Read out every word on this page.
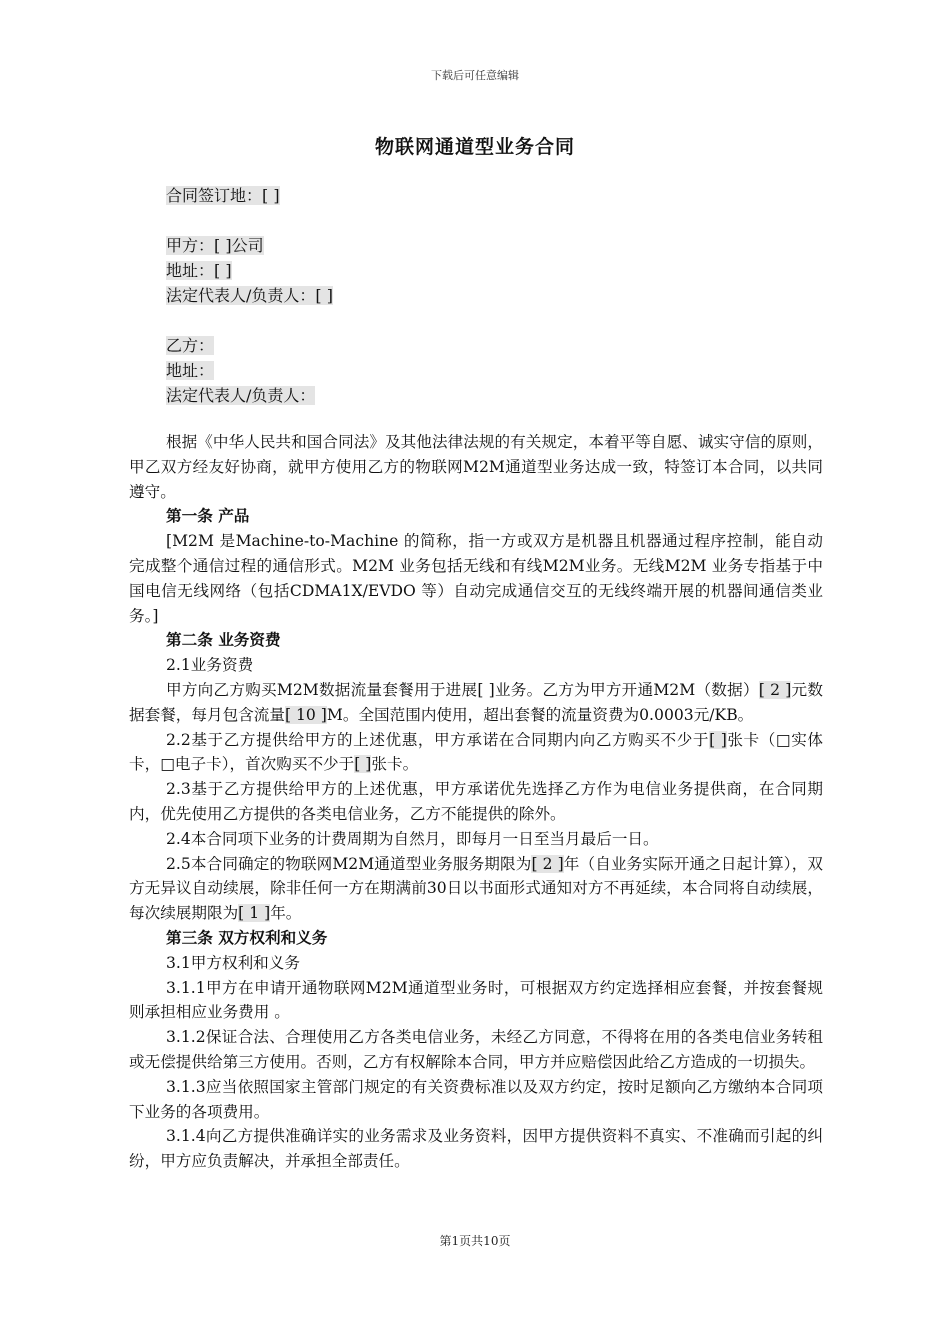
下载后可任意编辑
物联网通道型业务合同
合同签订地：[ ]
甲方：[ ]公司
地址：[ ]
法定代表人/负责人：[ ]
乙方：
地址：
法定代表人/负责人：

根据《中华人民共和国合同法》及其他法律法规的有关规定，本着平等自愿、诚实守信的原则，甲乙双方经友好协商，就甲方使用乙方的物联网M2M通道型业务达成一致，特签订本合同，以共同遵守。

第一条 产品

[M2M 是Machine-to-Machine 的简称，指一方或双方是机器且机器通过程序控制，能自动完成整个通信过程的通信形式。M2M 业务包括无线和有线M2M业务。无线M2M 业务专指基于中国电信无线网络（包括CDMA1X/EVDO 等）自动完成通信交互的无线终端开展的机器间通信类业务。]

第二条 业务资费

2.1业务资费

甲方向乙方购买M2M数据流量套餐用于进展[ ]业务。乙方为甲方开通M2M（数据）[ 2 ]元数据套餐，每月包含流量[ 10 ]M。全国范围内使用，超出套餐的流量资费为0.0003元/KB。

2.2基于乙方提供给甲方的上述优惠，甲方承诺在合同期内向乙方购买不少于[ ]张卡（□实体卡，□电子卡），首次购买不少于[ ]张卡。

2.3基于乙方提供给甲方的上述优惠，甲方承诺优先选择乙方作为电信业务提供商，在合同期内，优先使用乙方提供的各类电信业务，乙方不能提供的除外。

2.4本合同项下业务的计费周期为自然月，即每月一日至当月最后一日。

2.5本合同确定的物联网M2M通道型业务服务期限为[ 2 ]年（自业务实际开通之日起计算），双方无异议自动续展，除非任何一方在期满前30日以书面形式通知对方不再延续，本合同将自动续展，每次续展期限为[ 1 ]年。

第三条 双方权利和义务

3.1甲方权利和义务

3.1.1甲方在申请开通物联网M2M通道型业务时，可根据双方约定选择相应套餐，并按套餐规则承担相应业务费用 。

3.1.2保证合法、合理使用乙方各类电信业务，未经乙方同意，不得将在用的各类电信业务转租或无偿提供给第三方使用。否则，乙方有权解除本合同，甲方并应赔偿因此给乙方造成的一切损失。

3.1.3应当依照国家主管部门规定的有关资费标准以及双方约定，按时足额向乙方缴纳本合同项下业务的各项费用。

3.1.4向乙方提供准确详实的业务需求及业务资料，因甲方提供资料不真实、不准确而引起的纠纷，甲方应负责解决，并承担全部责任。

第1页共10页
